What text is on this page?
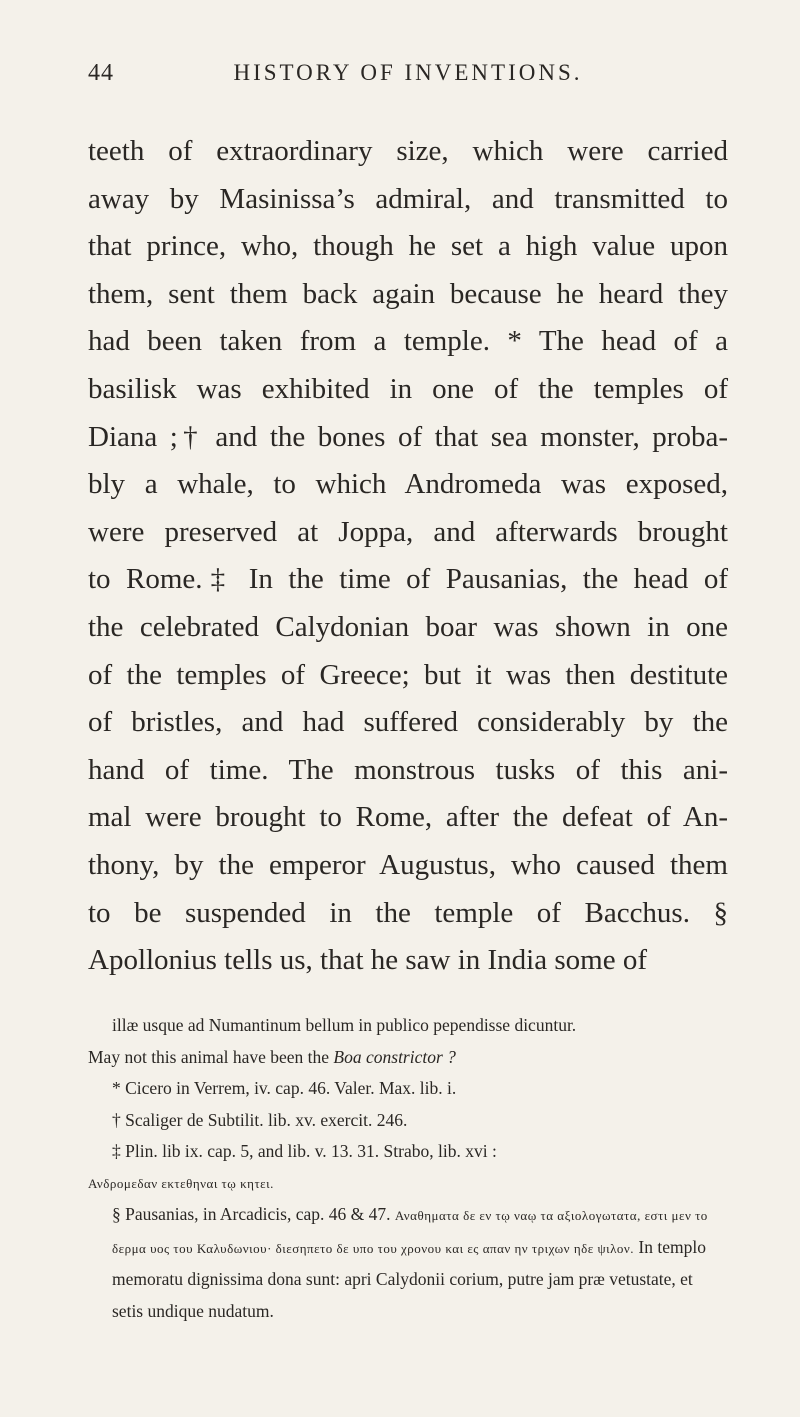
44	HISTORY OF INVENTIONS.
teeth of extraordinary size, which were carried
away by Masinissa’s admiral, and transmitted to
that prince, who, though he set a high value upon
them, sent them back again because he heard they
had been taken from a temple. * The head of a
basilisk was exhibited in one of the temples of
Diana ;† and the bones of that sea monster, proba-
bly a whale, to which Andromeda was exposed,
were preserved at Joppa, and afterwards brought
to Rome.‡ In the time of Pausanias, the head of
the celebrated Calydonian boar was shown in one
of the temples of Greece; but it was then destitute
of bristles, and had suffered considerably by the
hand of time. The monstrous tusks of this ani-
mal were brought to Rome, after the defeat of An-
thony, by the emperor Augustus, who caused them
to be suspended in the temple of Bacchus. §
Apollonius tells us, that he saw in India some of

illæ usque ad Numantinum bellum in publico pependisse dicuntur.

May not this animal have been the Boa constrictor ?

* Cicero in Verrem, iv. cap. 46. Valer. Max. lib. i.

† Scaliger de Subtilit. lib. xv. exercit. 246.

‡ Plin. lib ix. cap. 5, and lib. v. 13. 31. Strabo, lib. xvi :

Ανδρομεδαν εκτεθηναι τῳ κητει.

§ Pausanias, in Arcadicis, cap. 46 & 47. Αναθηματα δε εν τῳ ναῳ τα αξιολογωτατα, εστι μεν το δερμα υος του Καλυδωνιου· διεσηπετο δε υπο του χρονου και ες απαν ην τριχων ηδε ψιλον. In templo memoratu dignissima dona sunt: apri Calydonii corium, putre jam præ vetustate, et setis undique nudatum.
